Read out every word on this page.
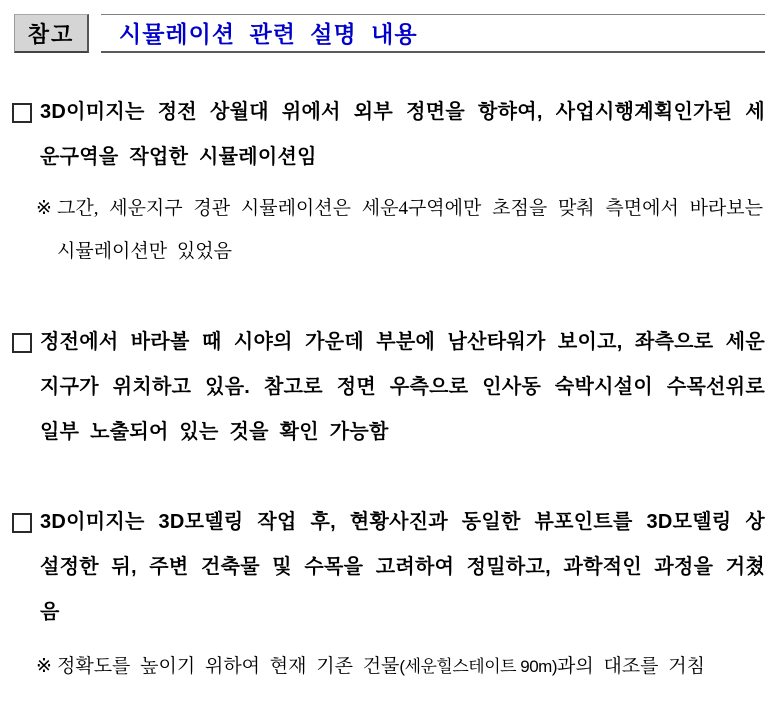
참고	시뮬레이션 관련 설명 내용
3D이미지는 정전 상월대 위에서 외부 정면을 항햐여, 사업시행계획인가된 세운구역을 작업한 시뮬레이션임
※ 그간, 세운지구 경관 시뮬레이션은 세운4구역에만 초점을 맞춰 측면에서 바라보는 시뮬레이션만 있었음
정전에서 바라볼 때 시야의 가운데 부분에 남산타워가 보이고, 좌측으로 세운지구가 위치하고 있음. 참고로 정면 우측으로 인사동 숙박시설이 수목선위로 일부 노출되어 있는 것을 확인 가능함
3D이미지는 3D모델링 작업 후, 현황사진과 동일한 뷰포인트를 3D모델링 상 설정한 뒤, 주변 건축물 및 수목을 고려하여 정밀하고, 과학적인 과정을 거쳤음
※ 정확도를 높이기 위하여 현재 기존 건물(세운힐스테이트 90m)과의 대조를 거침
